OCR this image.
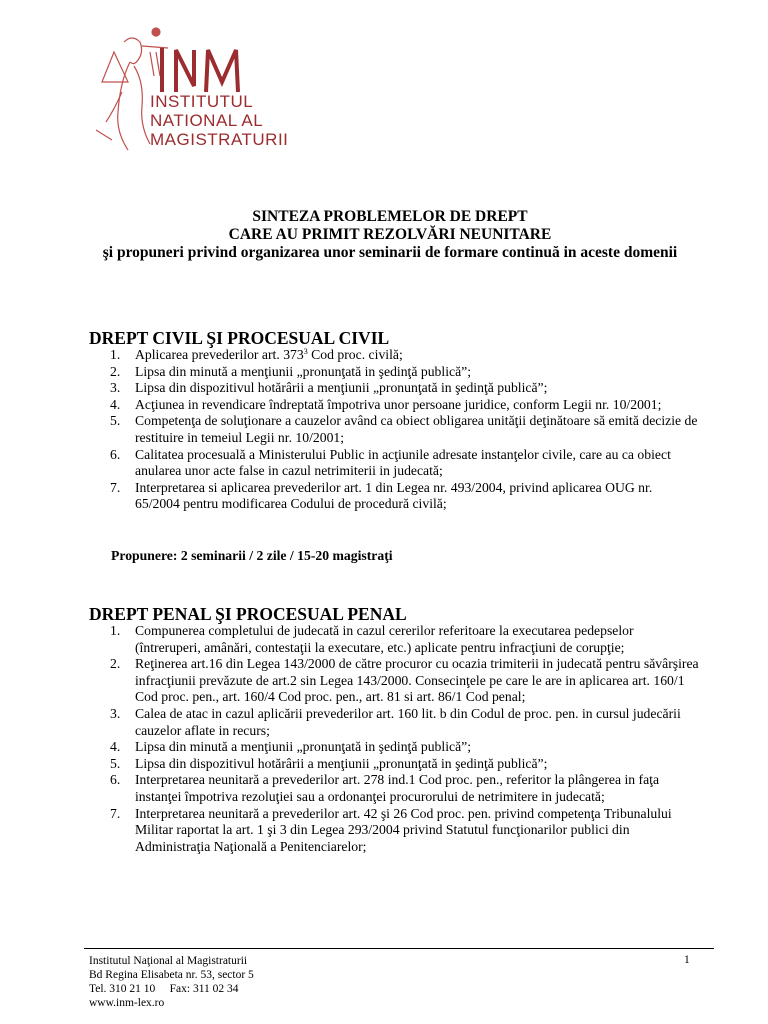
INSTITUTUL
NATIONAL AL
MAGISTRATURII
SINTEZA PROBLEMELOR DE DREPT
CARE AU PRIMIT REZOLVĂRI NEUNITARE
şi propuneri privind organizarea unor seminarii de formare continuă in aceste domenii
DREPT CIVIL ŞI PROCESUAL CIVIL
1. Aplicarea prevederilor art. $373^3$ Cod proc. civilă;
2. Lipsa din minută a menţiunii „pronunţată in şedinţă publică”;
3. Lipsa din dispozitivul hotărârii a menţiunii „pronunţată in şedinţă publică”;
4. Acţiunea in revendicare îndreptată împotriva unor persoane juridice, conform Legii nr. 10/2001;
5. Competenţa de soluţionare a cauzelor având ca obiect obligarea unităţii deţinătoare să emită decizie de restituire in temeiul Legii nr. 10/2001;
6. Calitatea procesuală a Ministerului Public in acţiunile adresate instanţelor civile, care au ca obiect anularea unor acte false in cazul netrimiterii in judecată;
7. Interpretarea si aplicarea prevederilor art. 1 din Legea nr. 493/2004, privind aplicarea OUG nr. 65/2004 pentru modificarea Codului de procedură civilă;
Propunere: 2 seminarii / 2 zile / 15-20 magistraţi
DREPT PENAL ŞI PROCESUAL PENAL
1. Compunerea completului de judecată in cazul cererilor referitoare la executarea pedepselor (întreruperi, amânări, contestaţii la executare, etc.) aplicate pentru infracţiuni de corupţie;
2. Reţinerea art.16 din Legea 143/2000 de către procuror cu ocazia trimiterii in judecată pentru săvârşirea infracţiunii prevăzute de art.2 sin Legea 143/2000. Consecinţele pe care le are in aplicarea art. 160/1 Cod proc. pen., art. 160/4 Cod proc. pen., art. 81 si art. 86/1 Cod penal;
3. Calea de atac in cazul aplicării prevederilor art. 160 lit. b din Codul de proc. pen. in cursul judecării cauzelor aflate in recurs;
4. Lipsa din minută a menţiunii „pronunţată in şedinţă publică”;
5. Lipsa din dispozitivul hotărârii a menţiunii „pronunţată in şedinţă publică”;
6. Interpretarea neunitară a prevederilor art. 278 ind.1 Cod proc. pen., referitor la plângerea in faţa instanţei împotriva rezoluţiei sau a ordonanţei procurorului de netrimitere in judecată;
7. Interpretarea neunitară a prevederilor art. 42 şi 26 Cod proc. pen. privind competenţa Tribunalului Militar raportat la art. 1 şi 3 din Legea 293/2004 privind Statutul funcţionarilor publici din Administraţia Naţională a Penitenciarelor;
Institutul Naţional al Magistraturii
Bd Regina Elisabeta nr. 53, sector 5
Tel. 310 21 10     Fax: 311 02 34
www.inm-lex.ro
1
